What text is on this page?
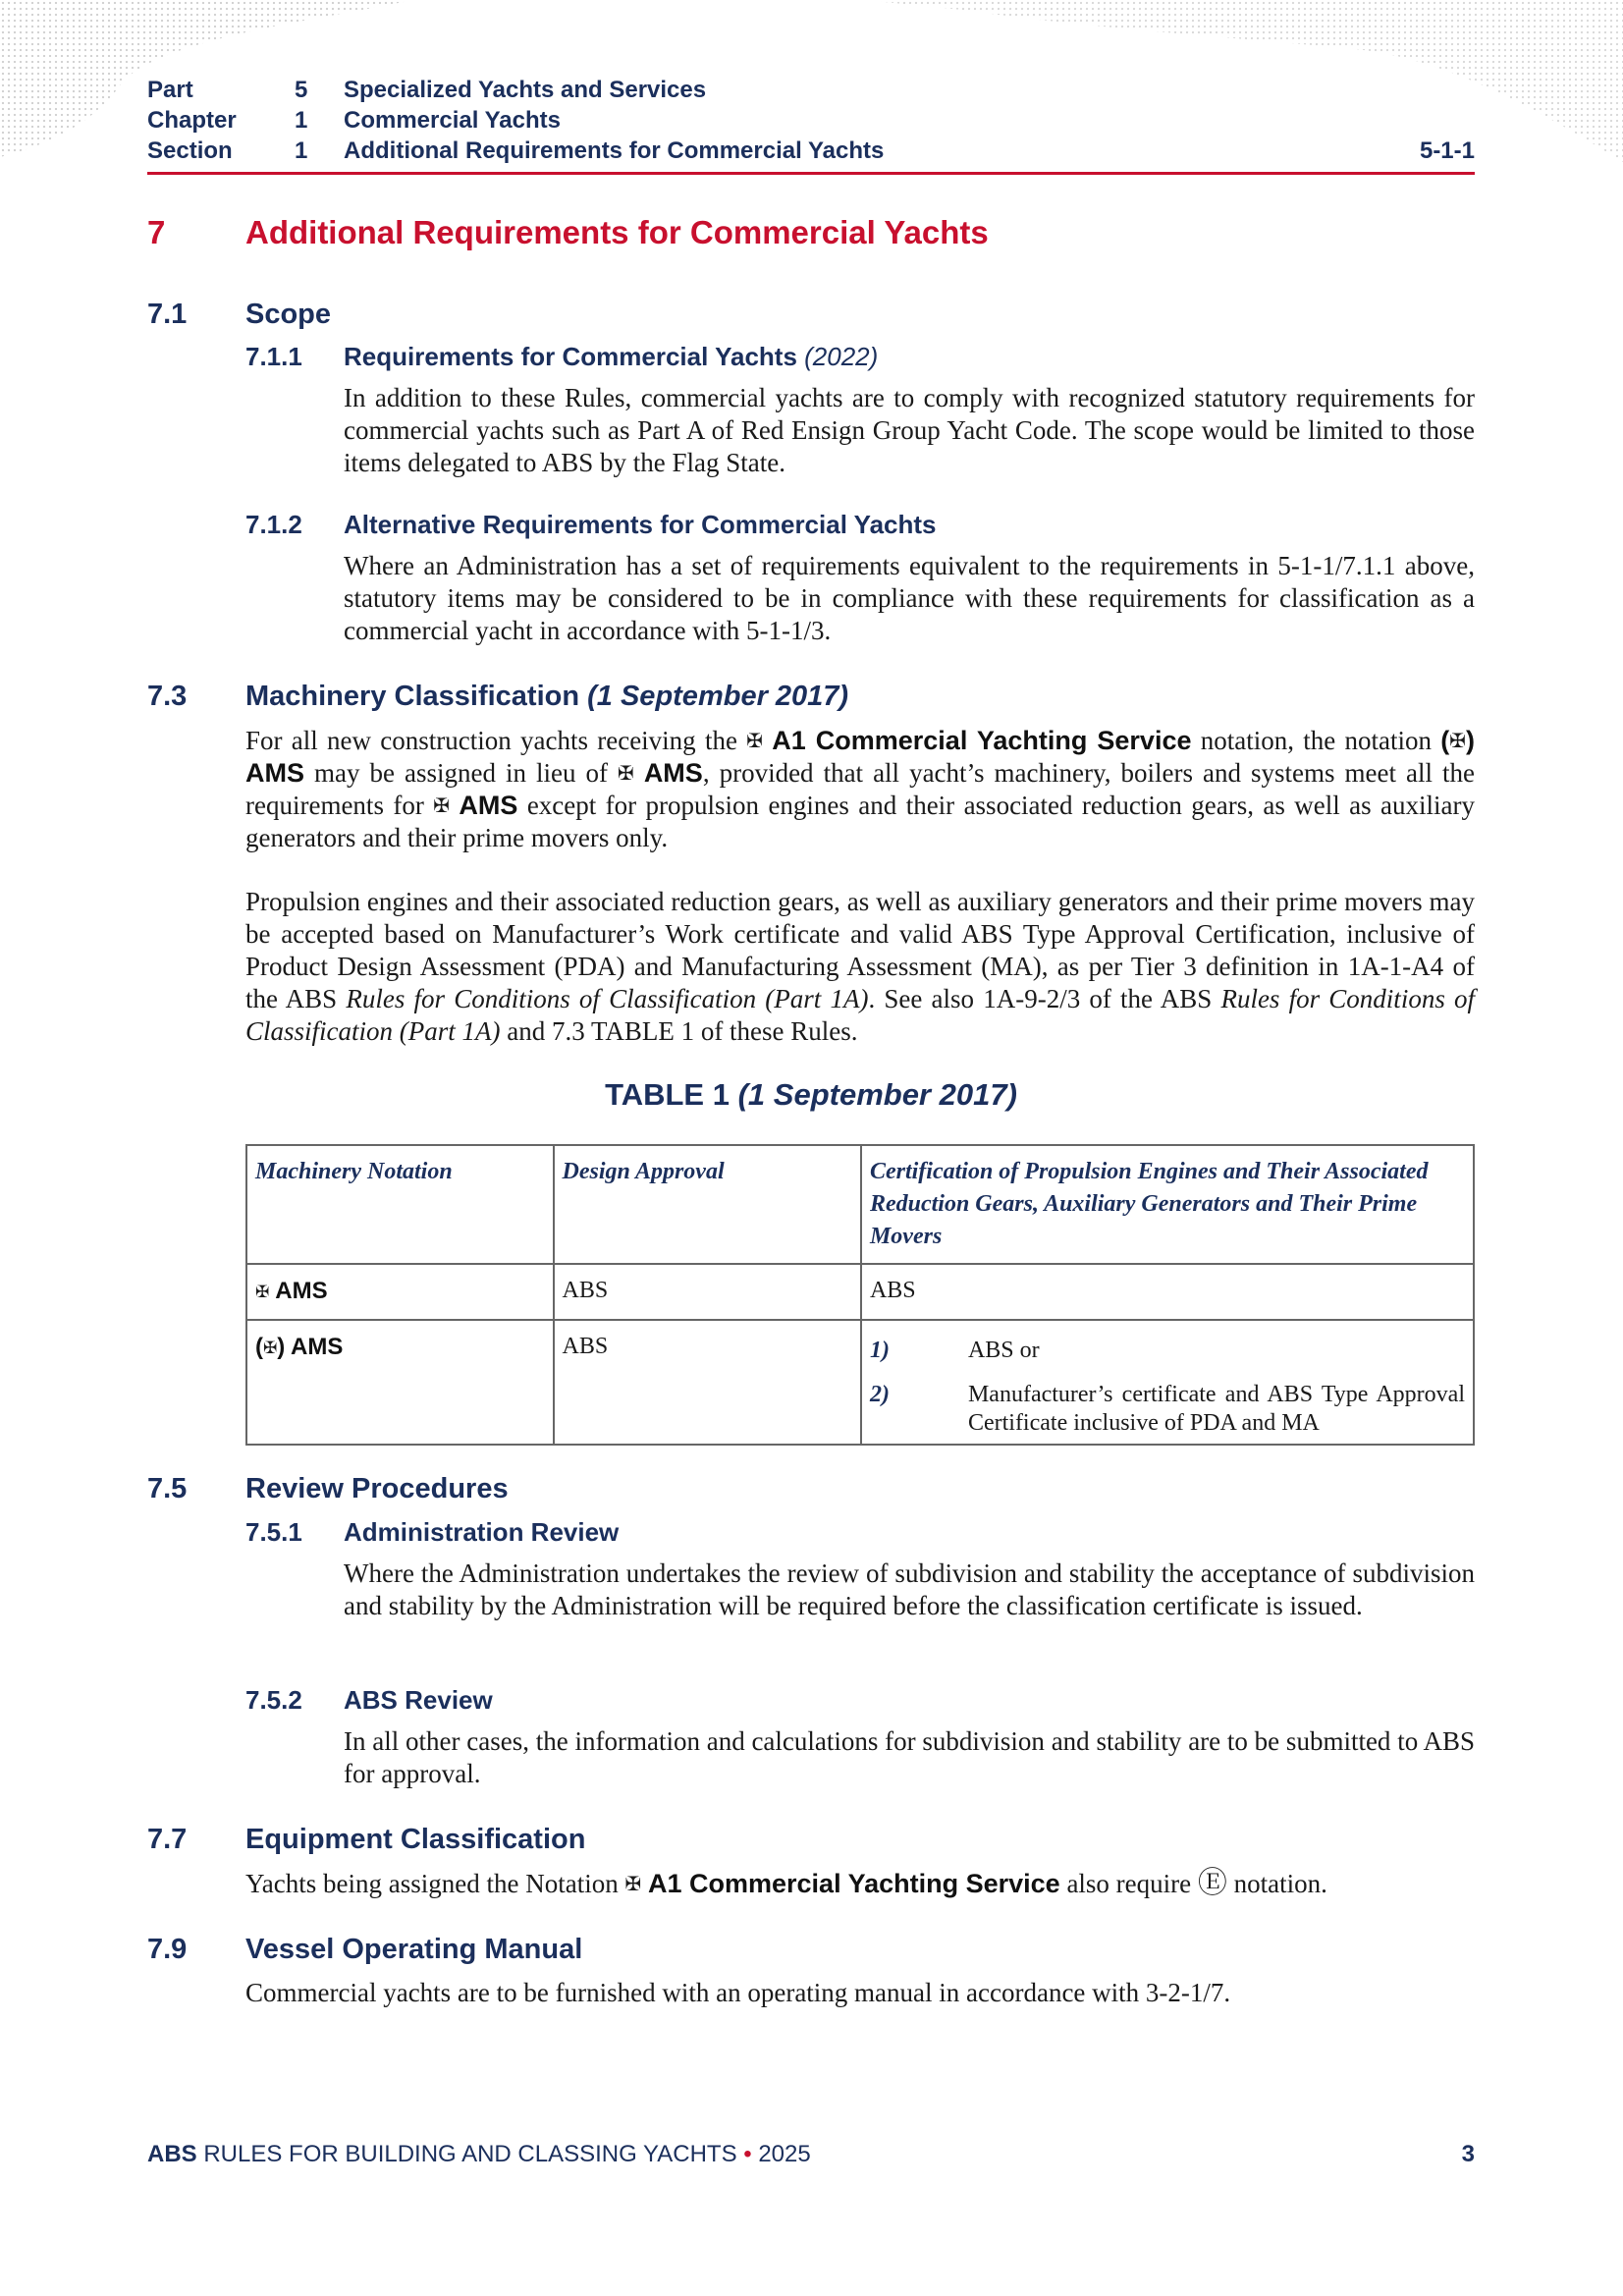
Part	5 Specialized Yachts and Services
Chapter 1 Commercial Yachts
Section	1 Additional Requirements for Commercial Yachts	5-1-1
7 Additional Requirements for Commercial Yachts
7.1 Scope
7.1.1 Requirements for Commercial Yachts (2022)
In addition to these Rules, commercial yachts are to comply with recognized statutory requirements for commercial yachts such as Part A of Red Ensign Group Yacht Code. The scope would be limited to those items delegated to ABS by the Flag State.
7.1.2 Alternative Requirements for Commercial Yachts
Where an Administration has a set of requirements equivalent to the requirements in 5-1-1/7.1.1 above, statutory items may be considered to be in compliance with these requirements for classification as a commercial yacht in accordance with 5-1-1/3.
7.3 Machinery Classification (1 September 2017)
For all new construction yachts receiving the ✠ A1 Commercial Yachting Service notation, the notation (✠) AMS may be assigned in lieu of ✠ AMS, provided that all yacht’s machinery, boilers and systems meet all the requirements for ✠ AMS except for propulsion engines and their associated reduction gears, as well as auxiliary generators and their prime movers only.
Propulsion engines and their associated reduction gears, as well as auxiliary generators and their prime movers may be accepted based on Manufacturer’s Work certificate and valid ABS Type Approval Certification, inclusive of Product Design Assessment (PDA) and Manufacturing Assessment (MA), as per Tier 3 definition in 1A-1-A4 of the ABS Rules for Conditions of Classification (Part 1A). See also 1A-9-2/3 of the ABS Rules for Conditions of Classification (Part 1A) and 7.3 TABLE 1 of these Rules.
TABLE 1 (1 September 2017)
Machinery Notation	Design Approval	Certification of Propulsion Engines and Their Associated Reduction Gears, Auxiliary Generators and Their Prime Movers
✠ AMS	ABS	ABS
(✠) AMS	ABS	1) ABS or
2) Manufacturer’s certificate and ABS Type Approval Certificate inclusive of PDA and MA
7.5 Review Procedures
7.5.1 Administration Review
Where the Administration undertakes the review of subdivision and stability the acceptance of subdivision and stability by the Administration will be required before the classification certificate is issued.
7.5.2 ABS Review
In all other cases, the information and calculations for subdivision and stability are to be submitted to ABS for approval.
7.7 Equipment Classification
Yachts being assigned the Notation ✠ A1 Commercial Yachting Service also require Ⓔ notation.
7.9 Vessel Operating Manual
Commercial yachts are to be furnished with an operating manual in accordance with 3-2-1/7.
ABS RULES FOR BUILDING AND CLASSING YACHTS • 2025	3
